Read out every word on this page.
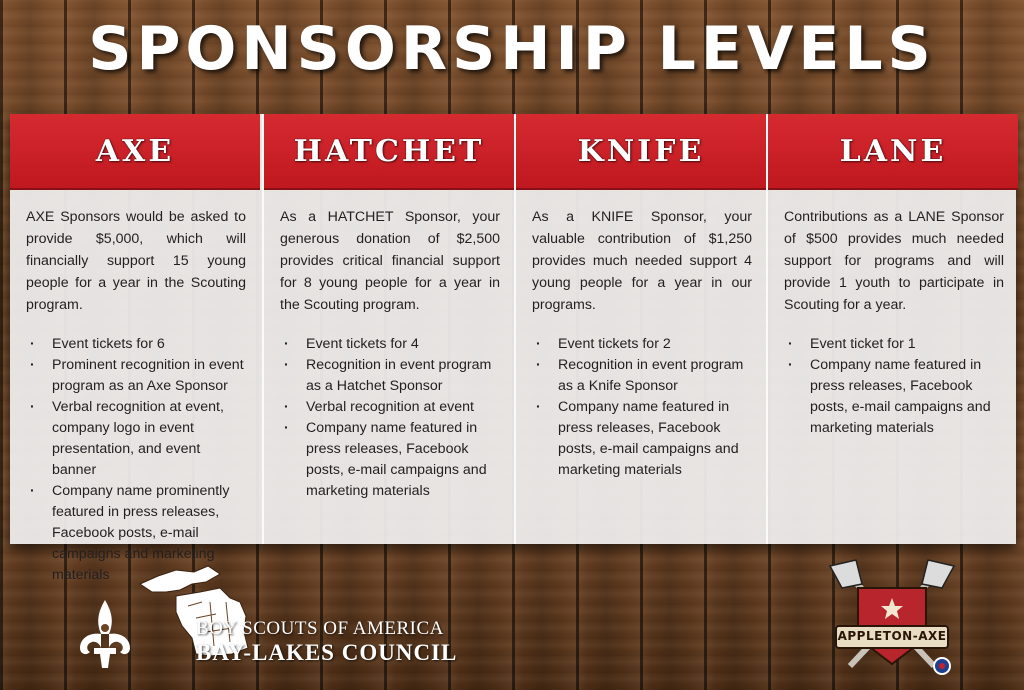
SPONSORSHIP LEVELS
AXE

AXE Sponsors would be asked to provide $5,000, which will financially support 15 young people for a year in the Scouting program.

· Event tickets for 6
· Prominent recognition in event program as an Axe Sponsor
· Verbal recognition at event, company logo in event presentation, and event banner
· Company name prominently featured in press releases, Facebook posts, e-mail campaigns and marketing materials
HATCHET

As a HATCHET Sponsor, your generous donation of $2,500 provides critical financial support for 8 young people for a year in the Scouting program.

· Event tickets for 4
· Recognition in event program as a Hatchet Sponsor
· Verbal recognition at event
· Company name featured in press releases, Facebook posts, e-mail campaigns and marketing materials
KNIFE

As a KNIFE Sponsor, your valuable contribution of $1,250 provides much needed support 4 young people for a year in our programs.

· Event tickets for 2
· Recognition in event program as a Knife Sponsor
· Company name featured in press releases, Facebook posts, e-mail campaigns and marketing materials
LANE

Contributions as a LANE Sponsor of $500 provides much needed support for programs and will provide 1 youth to participate in Scouting for a year.

· Event ticket for 1
· Company name featured in press releases, Facebook posts, e-mail campaigns and marketing materials
BOY SCOUTS OF AMERICA
BAY-LAKES COUNCIL
APPLETON-AXE
